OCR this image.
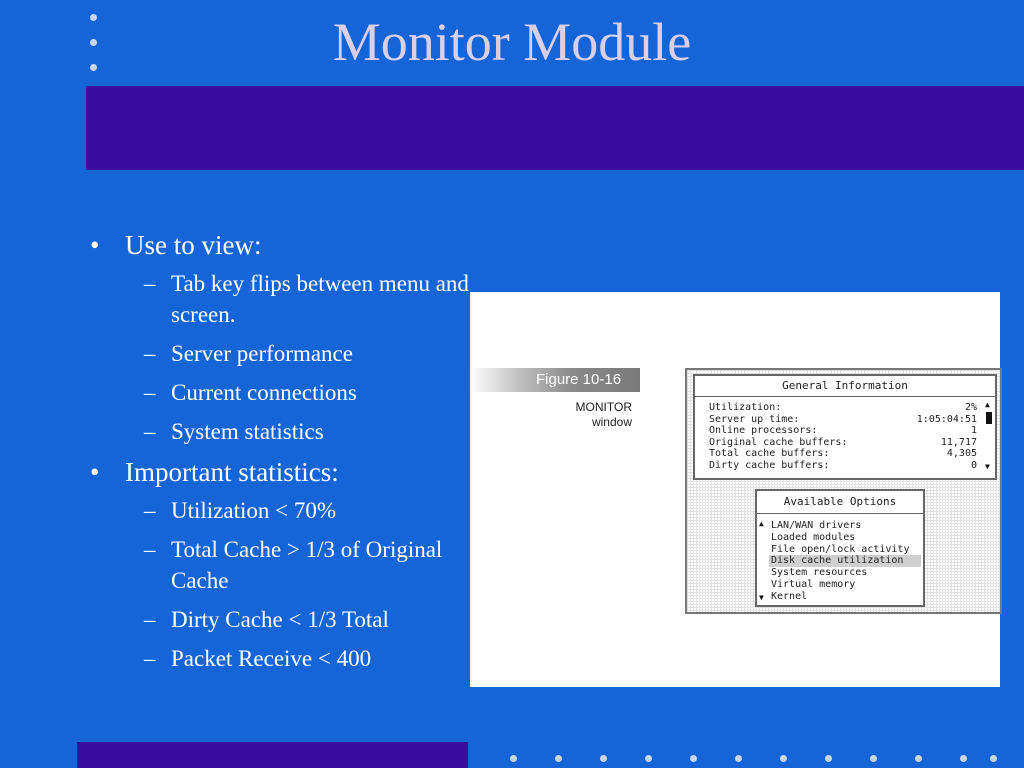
Monitor Module
• Use to view:
– Tab key flips between menu and screen.
– Server performance
– Current connections
– System statistics
• Important statistics:
– Utilization < 70%
– Total Cache > 1/3 of Original Cache
– Dirty Cache < 1/3 Total
– Packet Receive < 400
Figure 10-16
MONITOR
window
General Information
Utilization:	2%
Server up time:	1:05:04:51
Online processors:	1
Original cache buffers:	11,717
Total cache buffers:	4,305
Dirty cache buffers:	0
▲
▼
Available Options
▲
▼
LAN/WAN drivers
Loaded modules
File open/lock activity
Disk cache utilization
System resources
Virtual memory
Kernel
